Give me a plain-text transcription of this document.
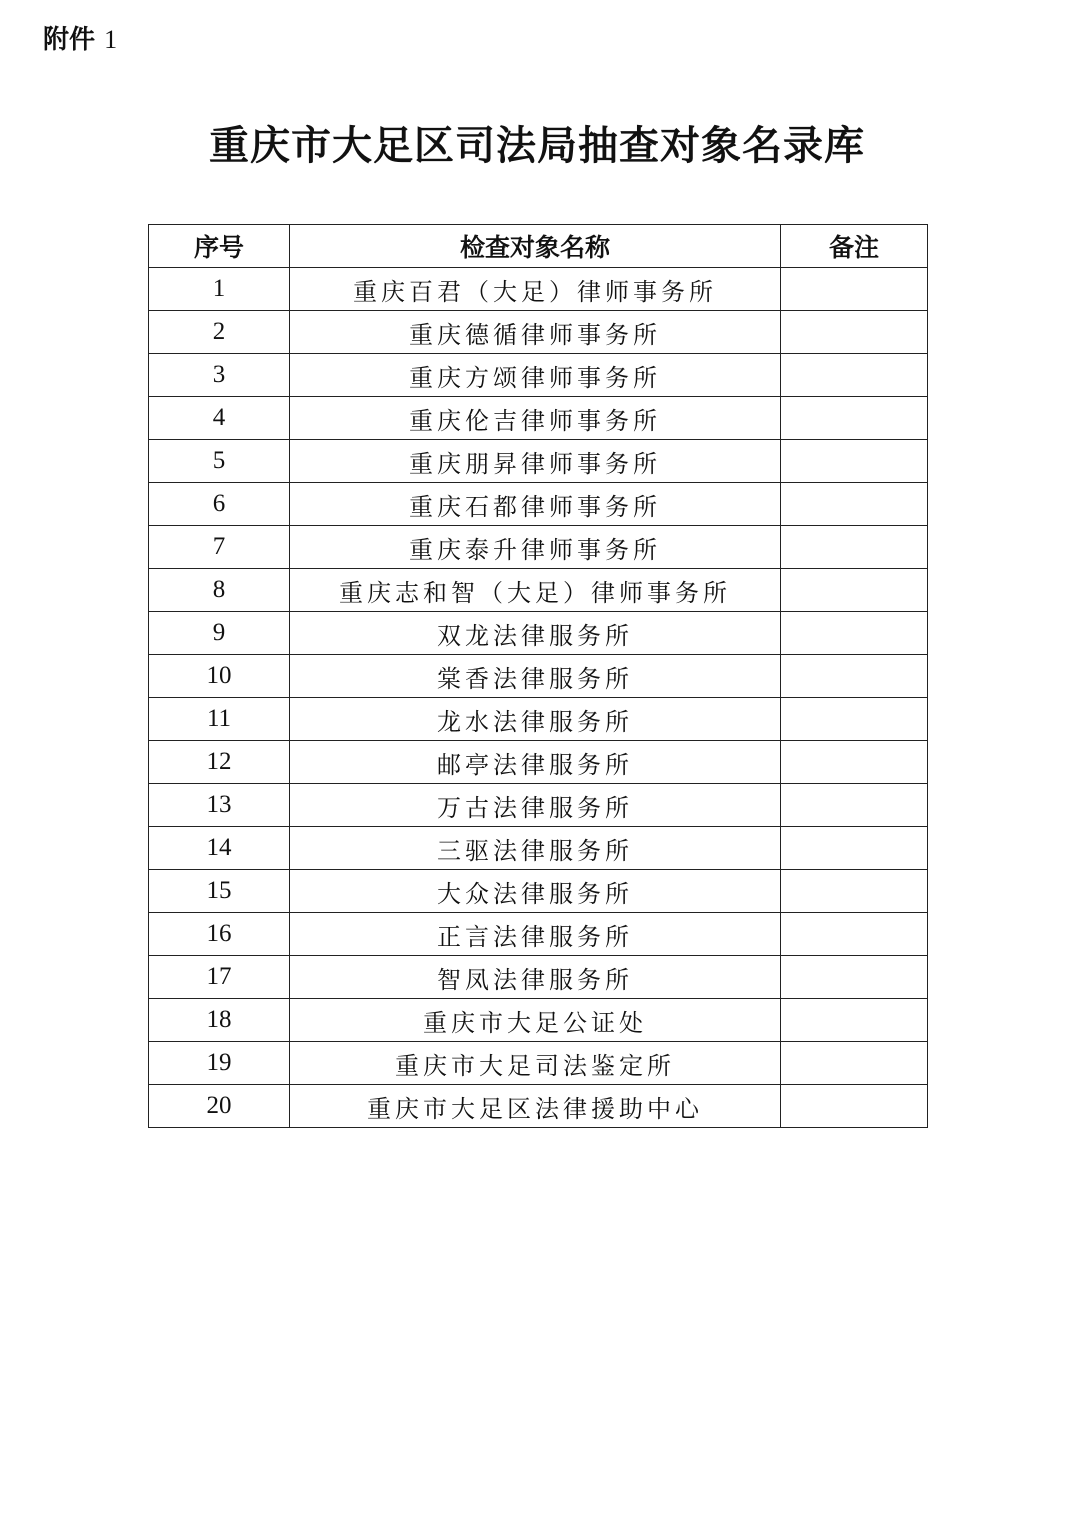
附件 1
重庆市大足区司法局抽查对象名录库
序号	检查对象名称	备注
1	重庆百君（大足）律师事务所	
2	重庆德循律师事务所	
3	重庆方颂律师事务所	
4	重庆伦吉律师事务所	
5	重庆朋昇律师事务所	
6	重庆石都律师事务所	
7	重庆泰升律师事务所	
8	重庆志和智（大足）律师事务所	
9	双龙法律服务所	
10	棠香法律服务所	
11	龙水法律服务所	
12	邮亭法律服务所	
13	万古法律服务所	
14	三驱法律服务所	
15	大众法律服务所	
16	正言法律服务所	
17	智凤法律服务所	
18	重庆市大足公证处	
19	重庆市大足司法鉴定所	
20	重庆市大足区法律援助中心	
